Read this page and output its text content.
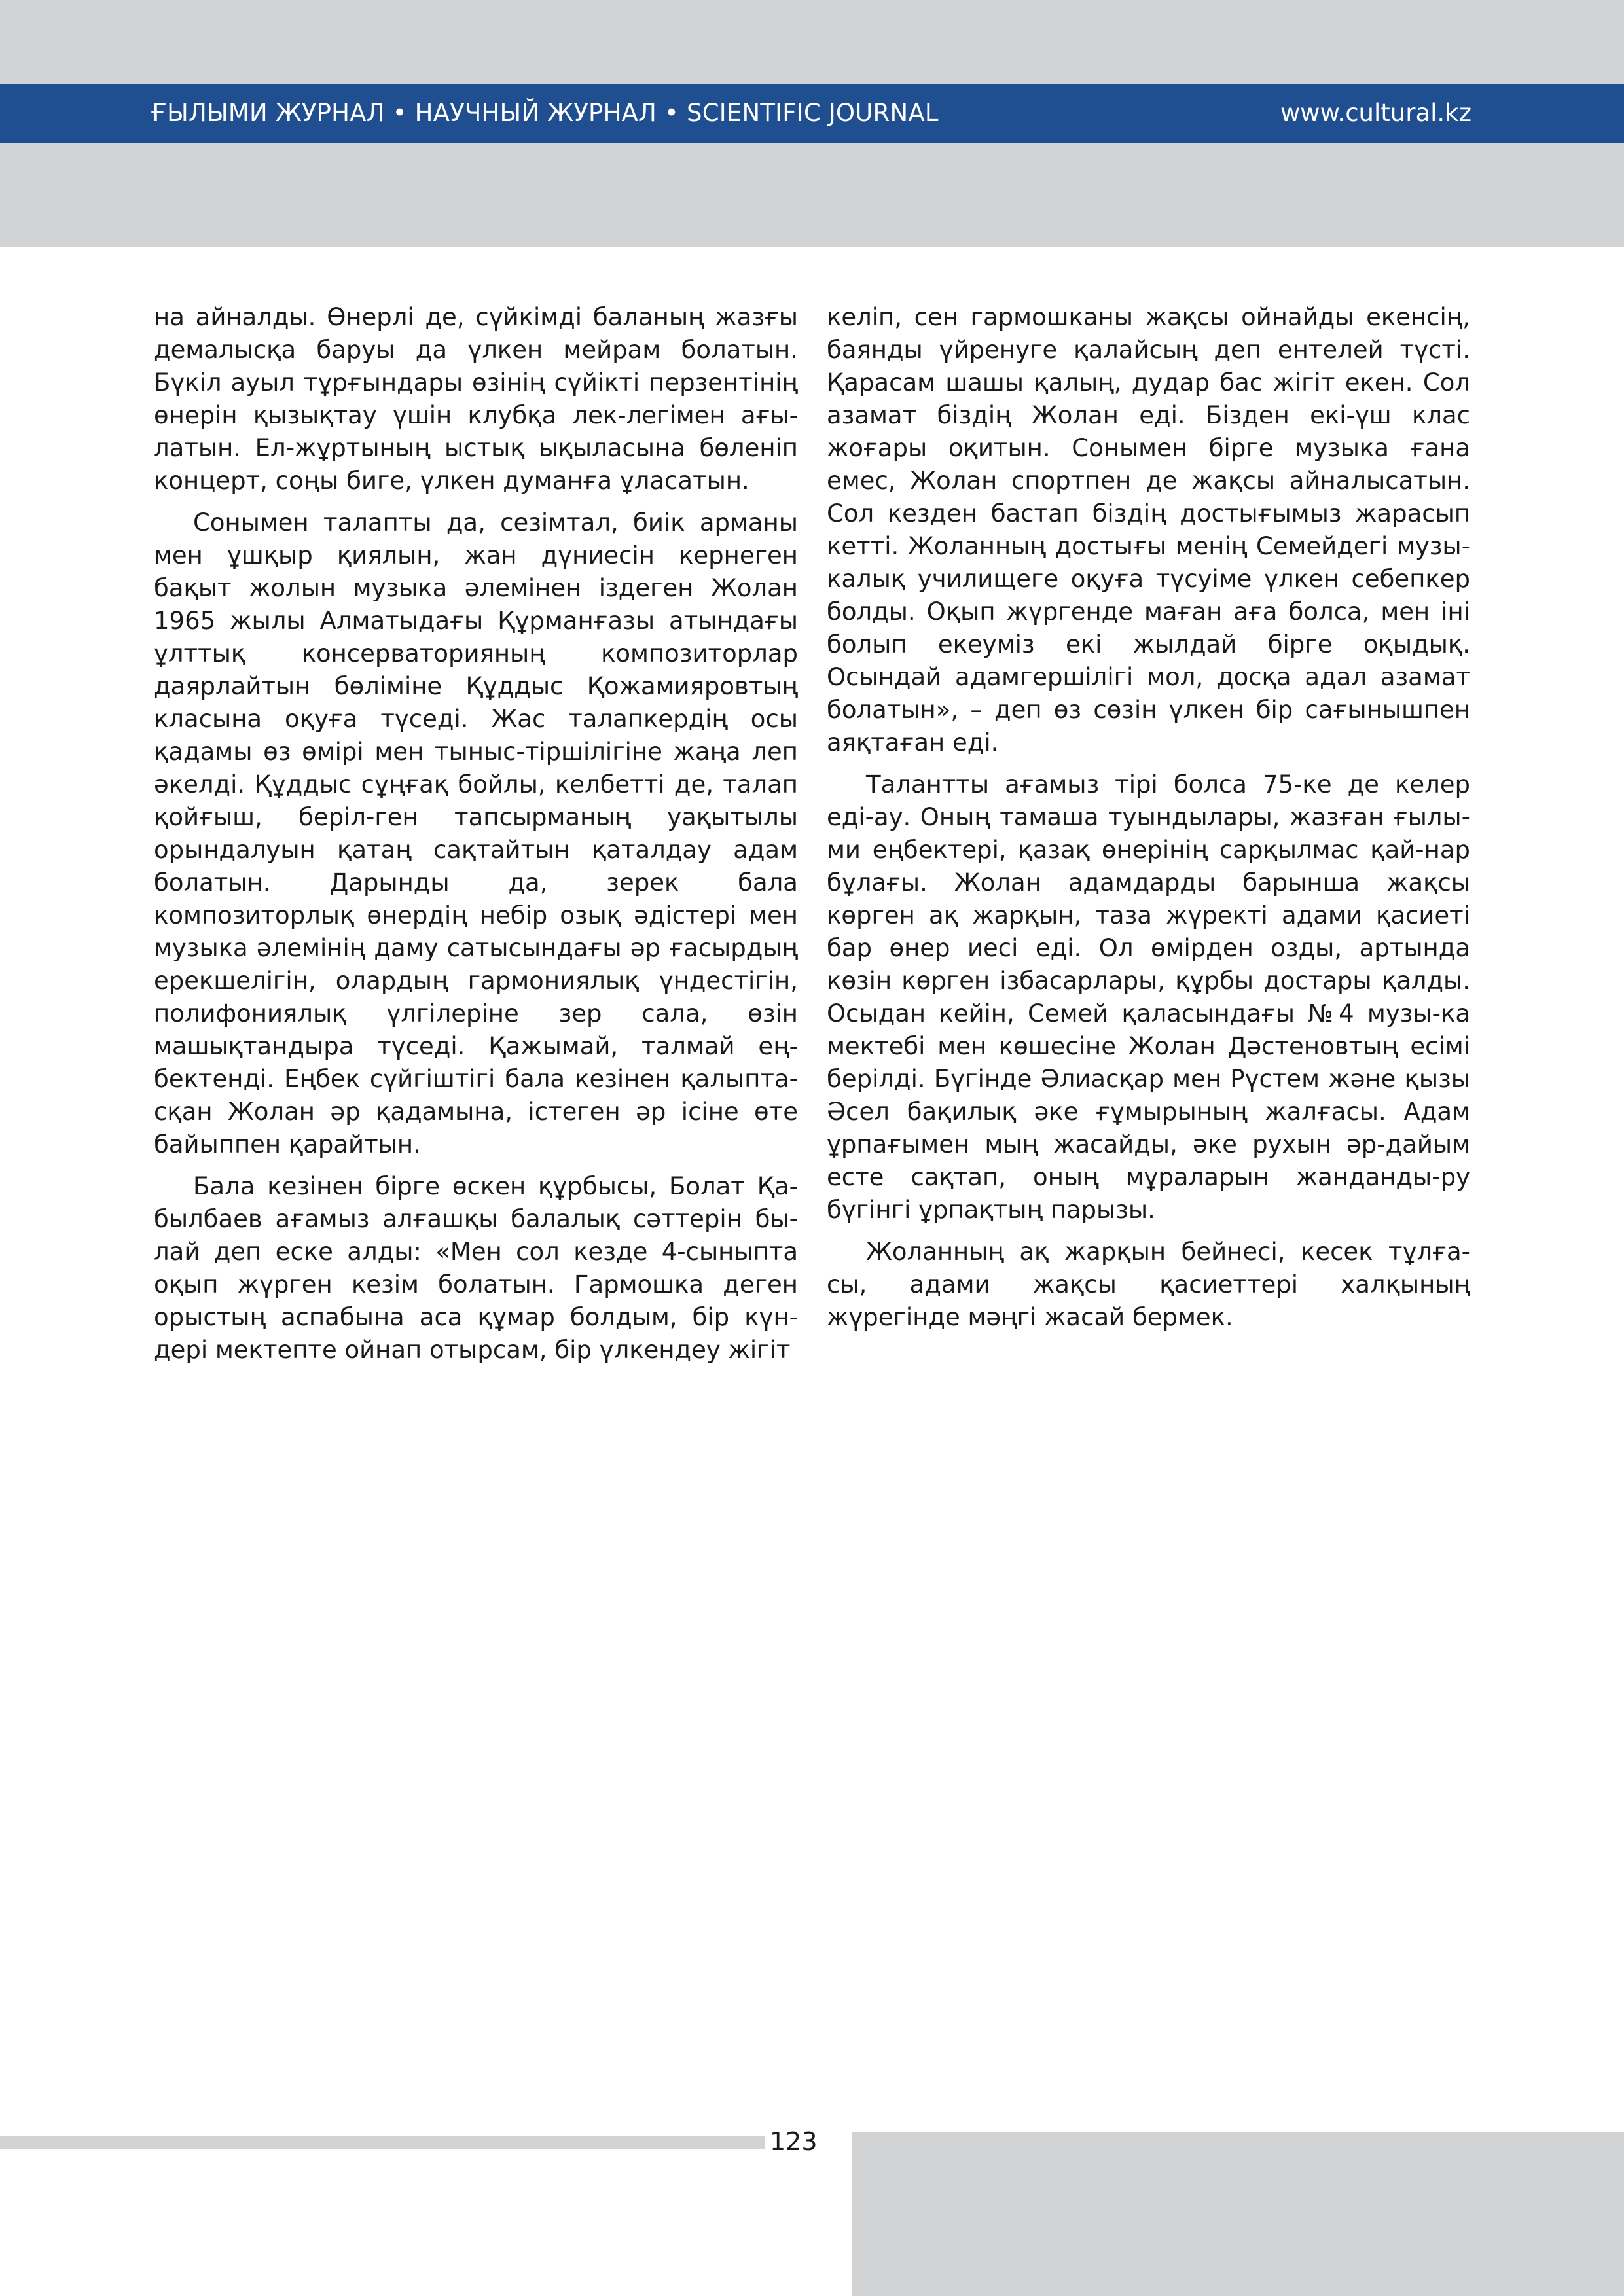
ҒЫЛЫМИ ЖУРНАЛ • НАУЧНЫЙ ЖУРНАЛ • SCIENTIFIC JOURNAL	www.cultural.kz

на айналды. Өнерлі де, сүйкімді баланың жазғы демалысқа баруы да үлкен мейрам болатын. Бүкіл ауыл тұрғындары өзінің сүйікті перзентінің өнерін қызықтау үшін клубқа лек-легімен ағы-латын. Ел-жұртының ыстық ықыласына бөленіп концерт, соңы биге, үлкен думанға ұласатын.

Сонымен талапты да, сезімтал, биік арманы мен ұшқыр қиялын, жан дүниесін кернеген бақыт жолын музыка әлемінен іздеген Жолан 1965 жылы Алматыдағы Құрманғазы атындағы ұлттық консерваторияның композиторлар даярлайтын бөліміне Құддыс Қожамияровтың класына оқуға түседі. Жас талапкердің осы қадамы өз өмірі мен тыныс-тіршілігіне жаңа леп әкелді. Құддыс сұңғақ бойлы, келбетті де, талап қойғыш, беріл-ген тапсырманың уақытылы орындалуын қатаң сақтайтын қаталдау адам болатын. Дарынды да, зерек бала композиторлық өнердің небір озық әдістері мен музыка әлемінің даму сатысындағы әр ғасырдың ерекшелігін, олардың гармониялық үндестігін, полифониялық үлгілеріне зер сала, өзін машықтандыра түседі. Қажымай, талмай ең-бектенді. Еңбек сүйгіштігі бала кезінен қалыпта-сқан Жолан әр қадамына, істеген әр ісіне өте байыппен қарайтын.

Бала кезінен бірге өскен құрбысы, Болат Қа-былбаев ағамыз алғашқы балалық сәттерін бы-лай деп еске алды: «Мен сол кезде 4-сыныпта оқып жүрген кезім болатын. Гармошка деген орыстың аспабына аса құмар болдым, бір күн-дері мектепте ойнап отырсам, бір үлкендеу жігіт

келіп, сен гармошканы жақсы ойнайды екенсің, баянды үйренуге қалайсың деп ентелей түсті. Қарасам шашы қалың, дудар бас жігіт екен. Сол азамат біздің Жолан еді. Бізден екі-үш клас жоғары оқитын. Сонымен бірге музыка ғана емес, Жолан спортпен де жақсы айналысатын. Сол кезден бастап біздің достығымыз жарасып кетті. Жоланның достығы менің Семейдегі музы-калық училищеге оқуға түсуіме үлкен себепкер болды. Оқып жүргенде маған аға болса, мен іні болып екеуміз екі жылдай бірге оқыдық. Осындай адамгершілігі мол, досқа адал азамат болатын», – деп өз сөзін үлкен бір сағынышпен аяқтаған еді.

Талантты ағамыз тірі болса 75-ке де келер еді-ау. Оның тамаша туындылары, жазған ғылы-ми еңбектері, қазақ өнерінің сарқылмас қай-нар бұлағы. Жолан адамдарды барынша жақсы көрген ақ жарқын, таза жүректі адами қасиеті бар өнер иесі еді. Ол өмірден озды, артында көзін көрген ізбасарлары, құрбы достары қалды. Осыдан кейін, Семей қаласындағы №4 музы-ка мектебі мен көшесіне Жолан Дәстеновтың есімі берілді. Бүгінде Әлиасқар мен Рүстем және қызы Әсел бақилық әке ғұмырының жалғасы. Адам ұрпағымен мың жасайды, әке рухын әр-дайым есте сақтап, оның мұраларын жанданды-ру бүгінгі ұрпақтың парызы.

Жоланның ақ жарқын бейнесі, кесек тұлға-сы, адами жақсы қасиеттері халқының жүрегінде мәңгі жасай бермек.

123
